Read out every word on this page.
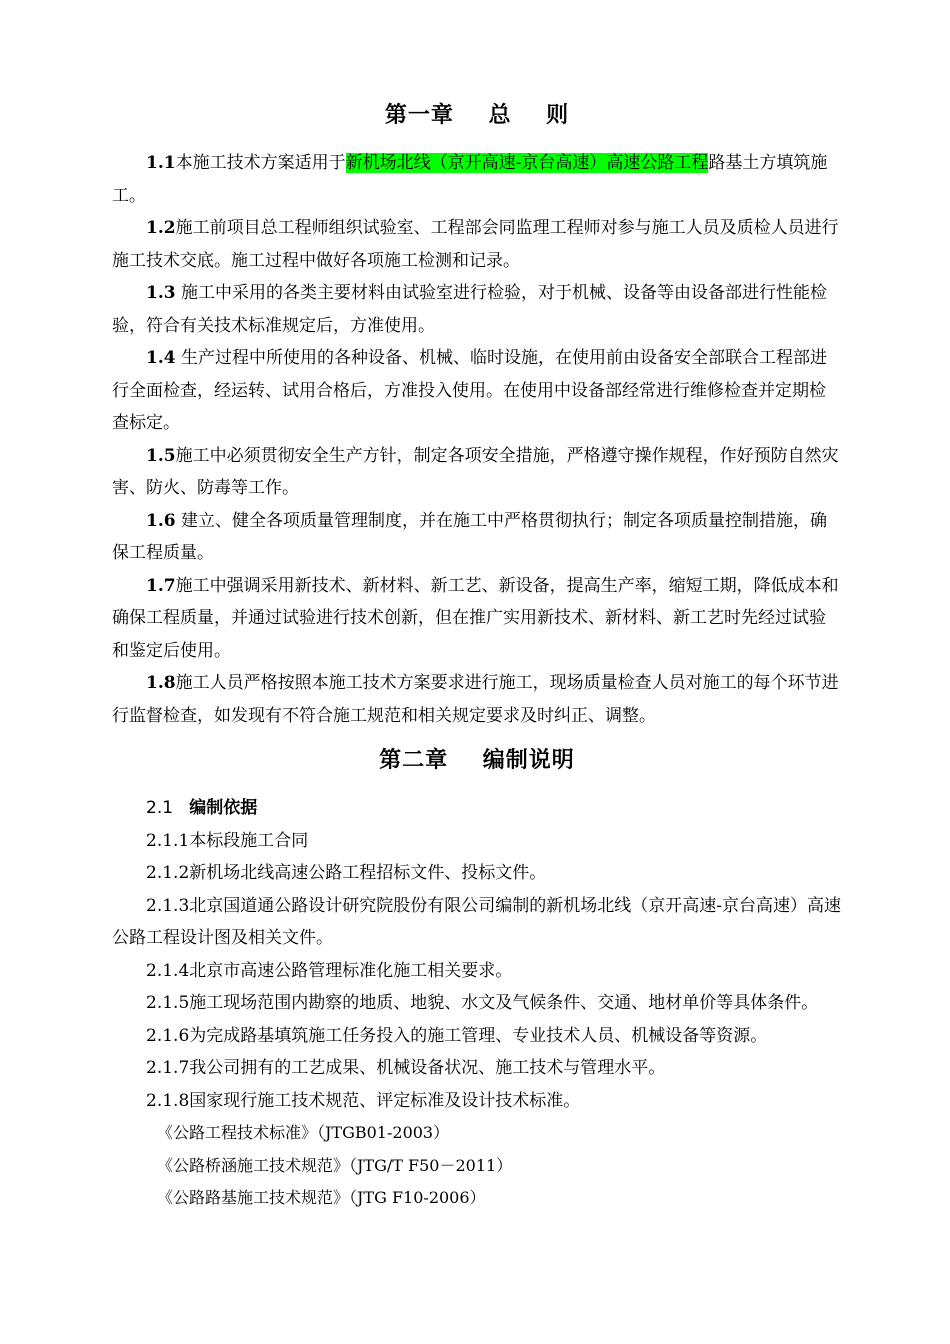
第一章    总    则

1.1本施工技术方案适用于新机场北线（京开高速-京台高速）高速公路工程路基土方填筑施工。

1.2施工前项目总工程师组织试验室、工程部会同监理工程师对参与施工人员及质检人员进行施工技术交底。施工过程中做好各项施工检测和记录。

1.3 施工中采用的各类主要材料由试验室进行检验，对于机械、设备等由设备部进行性能检验，符合有关技术标准规定后，方准使用。

1.4 生产过程中所使用的各种设备、机械、临时设施，在使用前由设备安全部联合工程部进行全面检查，经运转、试用合格后，方准投入使用。在使用中设备部经常进行维修检查并定期检查标定。

1.5施工中必须贯彻安全生产方针，制定各项安全措施，严格遵守操作规程，作好预防自然灾害、防火、防毒等工作。

1.6 建立、健全各项质量管理制度，并在施工中严格贯彻执行；制定各项质量控制措施，确保工程质量。

1.7施工中强调采用新技术、新材料、新工艺、新设备，提高生产率，缩短工期，降低成本和确保工程质量，并通过试验进行技术创新，但在推广实用新技术、新材料、新工艺时先经过试验和鉴定后使用。

1.8施工人员严格按照本施工技术方案要求进行施工，现场质量检查人员对施工的每个环节进行监督检查，如发现有不符合施工规范和相关规定要求及时纠正、调整。

第二章    编制说明

2.1 编制依据

2.1.1本标段施工合同

2.1.2新机场北线高速公路工程招标文件、投标文件。

2.1.3北京国道通公路设计研究院股份有限公司编制的新机场北线（京开高速-京台高速）高速公路工程设计图及相关文件。

2.1.4北京市高速公路管理标准化施工相关要求。

2.1.5施工现场范围内勘察的地质、地貌、水文及气候条件、交通、地材单价等具体条件。

2.1.6为完成路基填筑施工任务投入的施工管理、专业技术人员、机械设备等资源。

2.1.7我公司拥有的工艺成果、机械设备状况、施工技术与管理水平。

2.1.8国家现行施工技术规范、评定标准及设计技术标准。

《公路工程技术标准》（JTGB01-2003）

《公路桥涵施工技术规范》（JTG/T F50－2011）

《公路路基施工技术规范》（JTG F10-2006）
